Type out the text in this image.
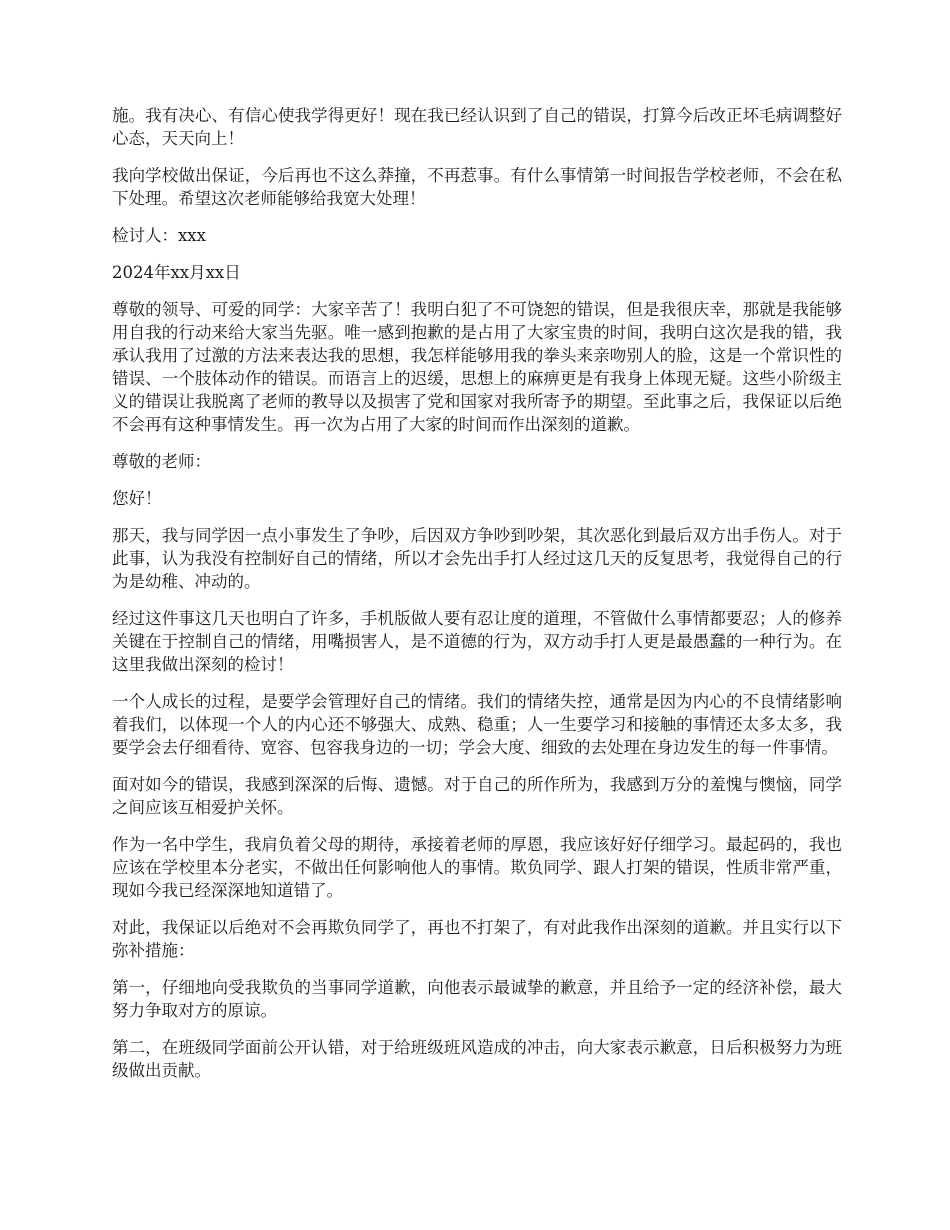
施。我有决心、有信心使我学得更好！现在我已经认识到了自己的错误，打算今后改正坏毛病调整好心态，天天向上！

我向学校做出保证，今后再也不这么莽撞，不再惹事。有什么事情第一时间报告学校老师，不会在私下处理。希望这次老师能够给我宽大处理！

检讨人：xxx

2024年xx月xx日

尊敬的领导、可爱的同学：大家辛苦了！我明白犯了不可饶恕的错误，但是我很庆幸，那就是我能够用自我的行动来给大家当先驱。唯一感到抱歉的是占用了大家宝贵的时间，我明白这次是我的错，我承认我用了过激的方法来表达我的思想，我怎样能够用我的拳头来亲吻别人的脸，这是一个常识性的错误、一个肢体动作的错误。而语言上的迟缓，思想上的麻痹更是有我身上体现无疑。这些小阶级主义的错误让我脱离了老师的教导以及损害了党和国家对我所寄予的期望。至此事之后，我保证以后绝不会再有这种事情发生。再一次为占用了大家的时间而作出深刻的道歉。

尊敬的老师：

您好！

那天，我与同学因一点小事发生了争吵，后因双方争吵到吵架，其次恶化到最后双方出手伤人。对于此事，认为我没有控制好自己的情绪，所以才会先出手打人经过这几天的反复思考，我觉得自己的行为是幼稚、冲动的。

经过这件事这几天也明白了许多，手机版做人要有忍让度的道理，不管做什么事情都要忍；人的修养关键在于控制自己的情绪，用嘴损害人，是不道德的行为，双方动手打人更是最愚蠢的一种行为。在这里我做出深刻的检讨！

一个人成长的过程，是要学会管理好自己的情绪。我们的情绪失控，通常是因为内心的不良情绪影响着我们，以体现一个人的内心还不够强大、成熟、稳重；人一生要学习和接触的事情还太多太多，我要学会去仔细看待、宽容、包容我身边的一切；学会大度、细致的去处理在身边发生的每一件事情。

面对如今的错误，我感到深深的后悔、遗憾。对于自己的所作所为，我感到万分的羞愧与懊恼，同学之间应该互相爱护关怀。

作为一名中学生，我肩负着父母的期待，承接着老师的厚恩，我应该好好仔细学习。最起码的，我也应该在学校里本分老实，不做出任何影响他人的事情。欺负同学、跟人打架的错误，性质非常严重，现如今我已经深深地知道错了。

对此，我保证以后绝对不会再欺负同学了，再也不打架了，有对此我作出深刻的道歉。并且实行以下弥补措施：

第一，仔细地向受我欺负的当事同学道歉，向他表示最诚挚的歉意，并且给予一定的经济补偿，最大努力争取对方的原谅。

第二，在班级同学面前公开认错，对于给班级班风造成的冲击，向大家表示歉意，日后积极努力为班级做出贡献。
